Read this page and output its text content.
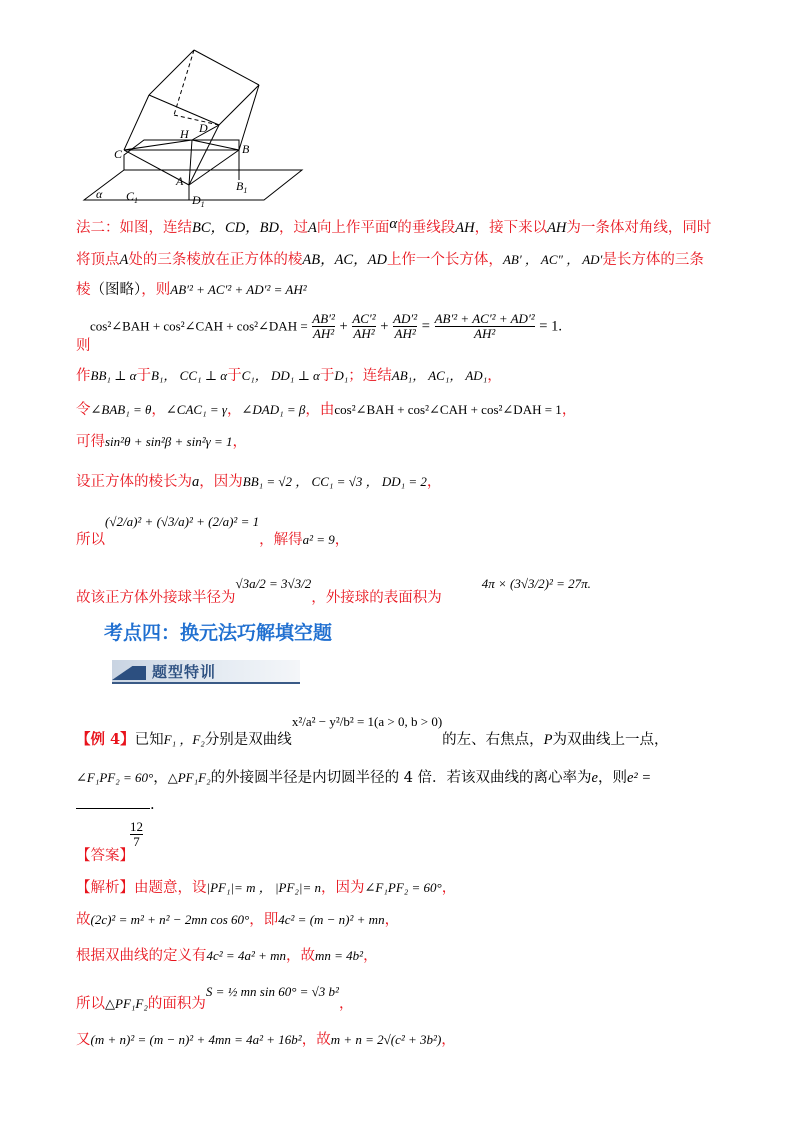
C
H D
B
A	$B_1$
$C_1$	$D_1$
α
法二：如图，连结BC，CD，BD，过A向上作平面α的垂线段AH，接下来以AH为一条体对角线，同时
将顶点A处的三条棱放在正方体的棱AB，AC，AD上作一个长方体，AB′ ， AC″ ， AD′是长方体的三条
棱（图略），则AB′² + AC′² + AD′² = AH²
cos²∠BAH + cos²∠CAH + cos²∠DAH = $\frac{\text{AB′²}}{\text{AH²}} + \frac{\text{AC′²}}{\text{AH²}} + \frac{\text{AD′²}}{\text{AH²}} = \frac{\text{AB′² + AC′² + AD′²}}{\text{AH²}} = 1$.
则
作BB₁ ⊥ α于B₁， CC₁ ⊥ α于C₁， DD₁ ⊥ α于D₁；连结AB₁， AC₁， AD₁，
令∠BAB₁ = θ，∠CAC₁ = γ，∠DAD₁ = β，由cos²∠BAH + cos²∠CAH + cos²∠DAH = 1，
可得sin²θ + sin²β + sin²γ = 1，
设正方体的棱长为a，因为BB₁ = √2 ， CC₁ = √3 ， DD₁ = 2，
所以(√2/a)² + (√3/a)² + (2/a)² = 1，解得a² = 9，
故该正方体外接球半径为√3a/2 = 3√3/2，外接球的表面积为4π × (3√3/2)² = 27π.
考点四：换元法巧解填空题
题型特训
【例 4】已知F₁ ，F₂分别是双曲线x²/a² − y²/b² = 1(a > 0, b > 0)的左、右焦点，P为双曲线上一点，
∠F₁PF₂ = 60°，△PF₁F₂的外接圆半径是内切圆半径的 4 倍．若该双曲线的离心率为e，则e² =
.
【答案】
$\frac{12}{7}$
【解析】由题意，设|PF₁|= m ， |PF₂|= n，因为∠F₁PF₂ = 60°，
故(2c)² = m² + n² − 2mn cos 60°，即4c² = (m − n)² + mn，
根据双曲线的定义有4c² = 4a² + mn，故mn = 4b²，
所以△PF₁F₂的面积为S = ½ mn sin 60° = √3 b²，
又(m + n)² = (m − n)² + 4mn = 4a² + 16b²，故m + n = 2√(c² + 3b²)，
